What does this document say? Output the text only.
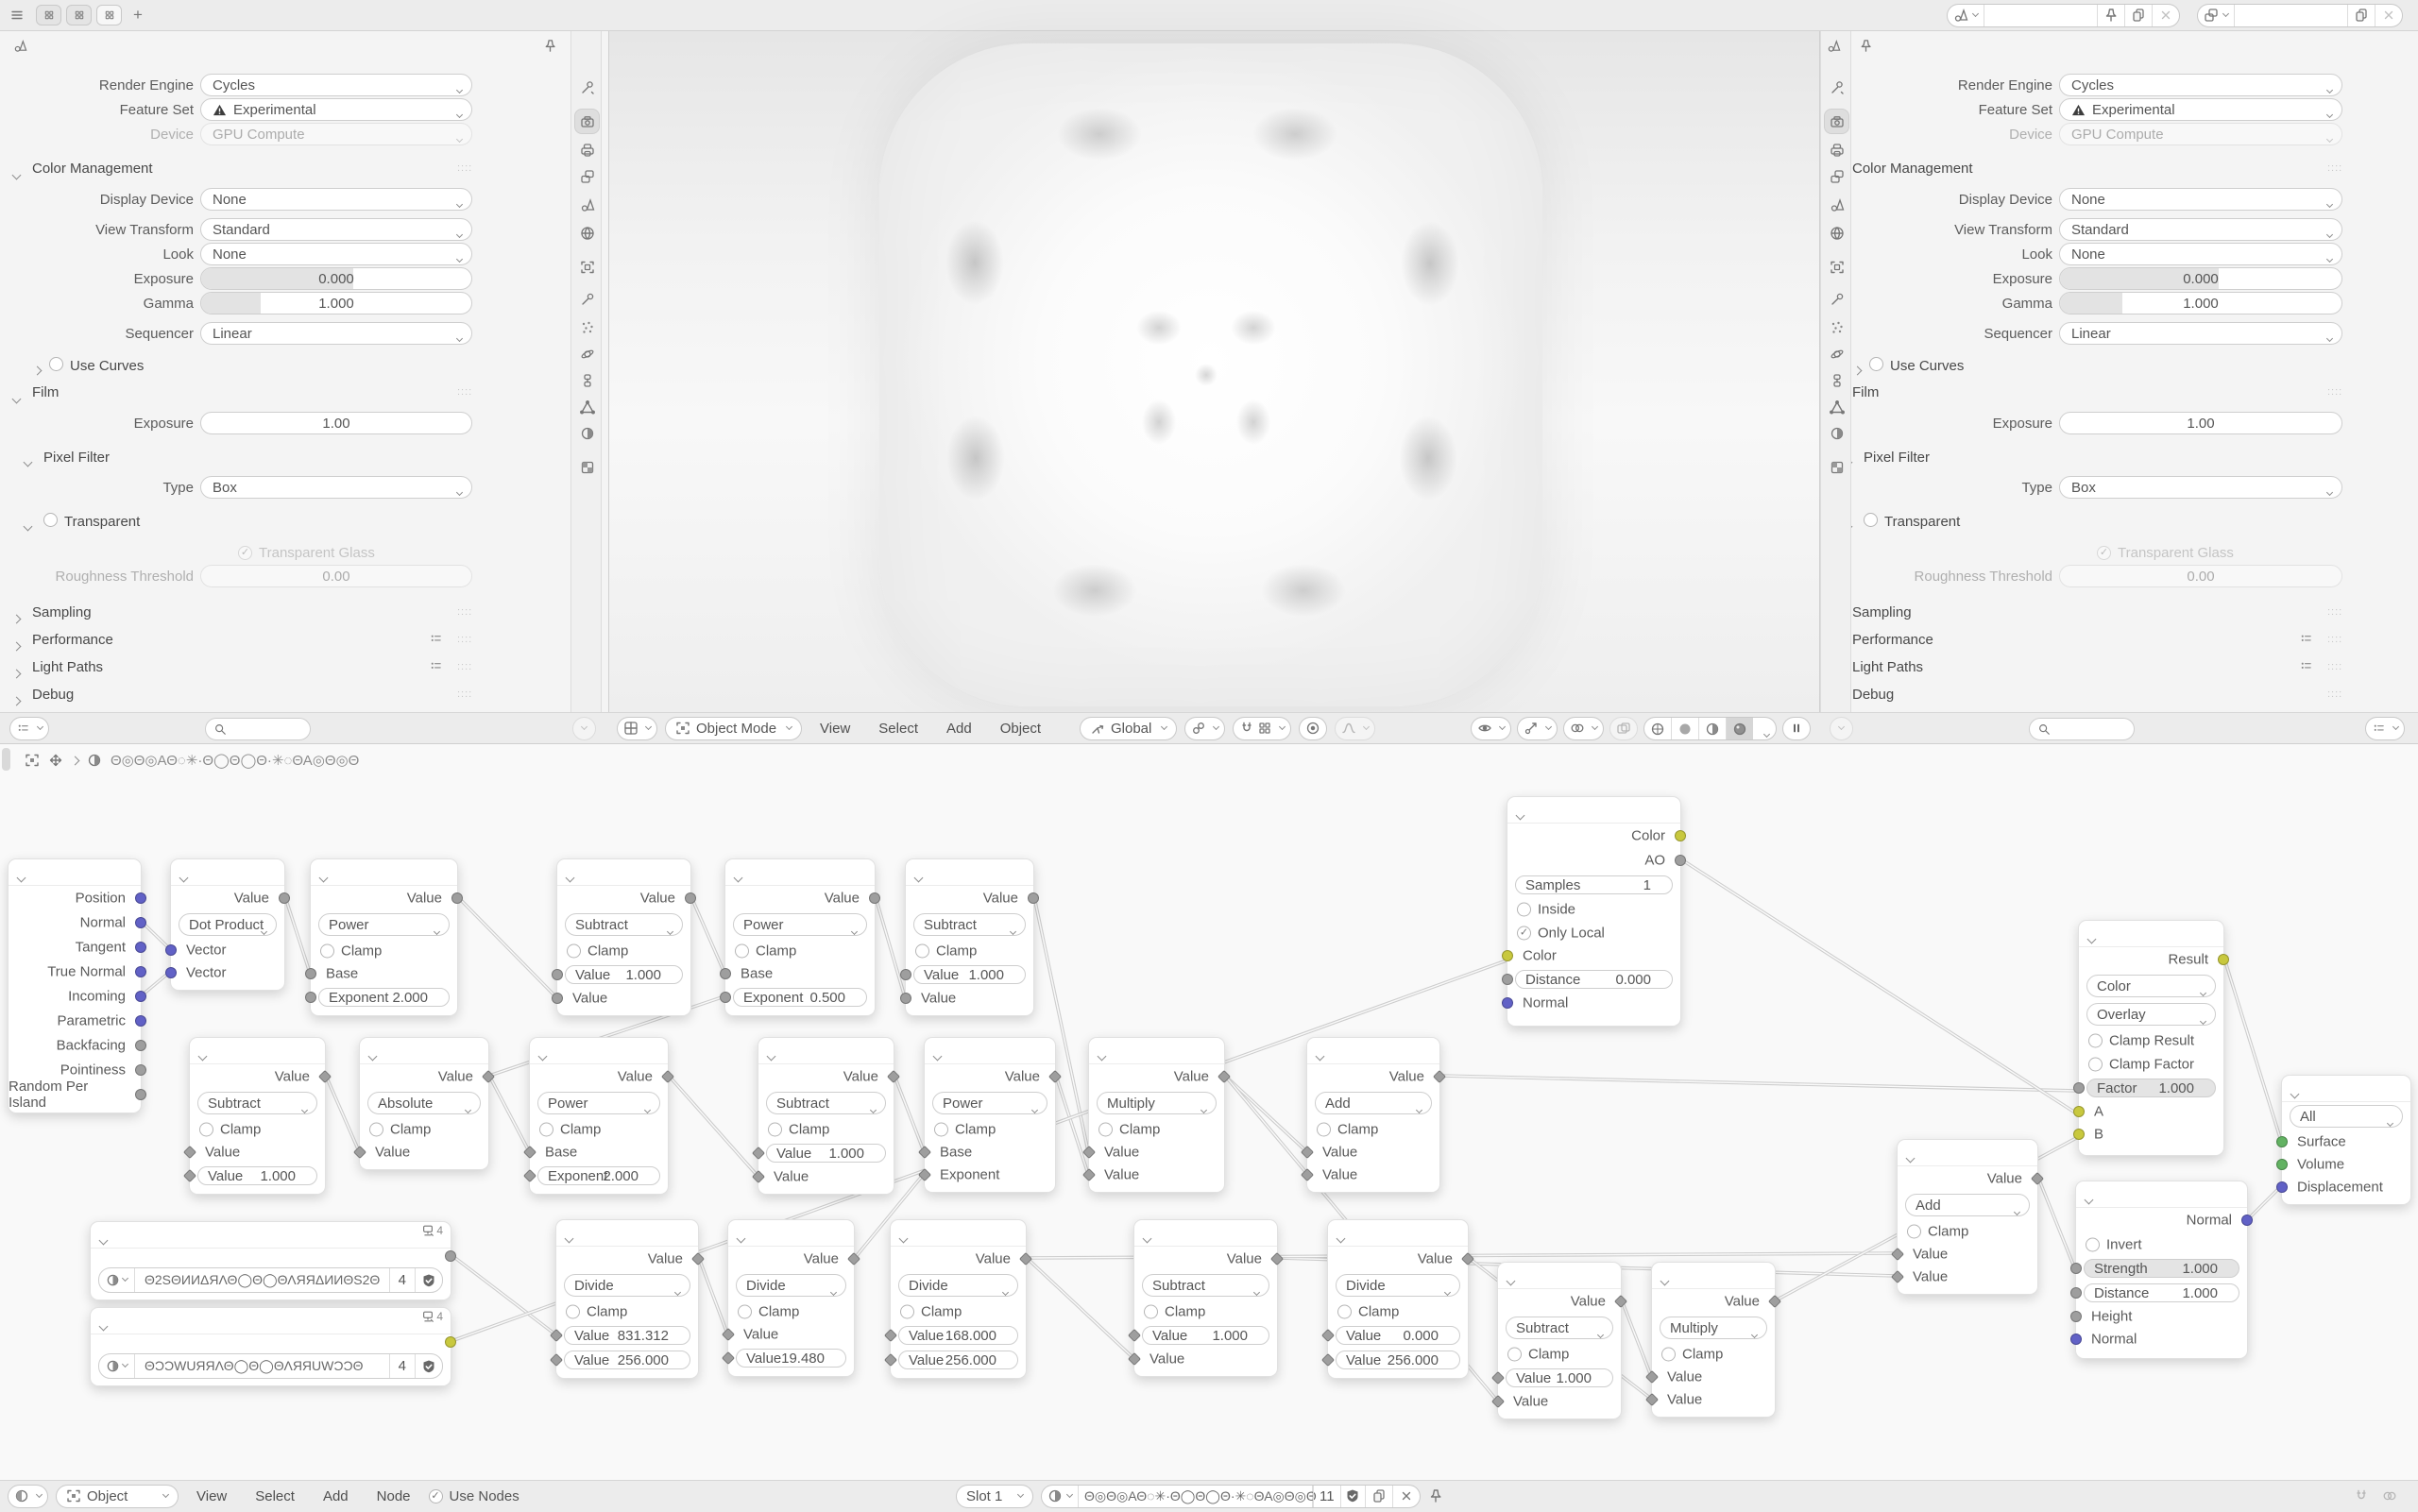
+
Render Engine Cycles
Feature Set	Experimental
Device GPU Compute
Color Management	::::
Display Device None
View Transform Standard
Look None
Exposure	0.000
Gamma	1.000
Sequencer Linear
Use Curves
Film	::::
Exposure	1.00
Pixel Filter
Type Box
Transparent
✓ Transparent Glass
Roughness Threshold	0.00
Sampling	::::
Performance	::::
Light Paths	::::
Debug	::::
Render Engine Cycles
Feature Set	Experimental
Device GPU Compute
Color Management	::::
Display Device None
View Transform Standard
Look None
Exposure	0.000
Gamma	1.000
Sequencer Linear
Use Curves
Film	::::
Exposure	1.00
Pixel Filter
Type Box
Transparent
✓ Transparent Glass
Roughness Threshold	0.00
Sampling	::::
Performance	::::
Light Paths	::::
Debug	::::
Object Mode	View	Select	Add	Object	Global
Θ◎Θ◎ΑΘ◌✳·Θ◯Θ◯Θ·✳◌ΘΑ◎Θ◎Θ
Position
Normal
Tangent
True Normal
Incoming
Parametric
Backfacing
Pointiness
Random Per Island
Value
Dot Product
Vector
Vector
Value
Power
Clamp
Base
Exponent 2.000
Value
Subtract
Clamp
Value 1.000
Value
Value
Power
Clamp
Base
Exponent 0.500
Value
Subtract
Clamp
Value 1.000
Value
Value
Subtract
Clamp
Value
Value 1.000
Value
Absolute
Clamp
Value
Value
Power
Clamp
Base
Exponent
2.000
Value
Subtract
Clamp
Value 1.000
Value
Value
Power
Clamp
Base
Exponent
Value
Multiply
Clamp
Value
Value
Value
Add
Clamp
Value
Value
4
Θ2SΘИИΔЯΛΘ◯Θ◯ΘΛЯЯΔИИΘS2Θ	4
4
ΘƆƆWUЯЯΛΘ◯Θ◯ΘΛЯЯUWƆƆΘ	4
Value
Divide
Clamp
Value 831.312
Value 256.000
Value
Divide
Clamp
Value
Value 19.480
Value
Divide
Clamp
Value 168.000
Value 256.000
Value
Subtract
Clamp
Value 1.000
Value
Value
Divide
Clamp
Value 0.000
Value 256.000
Value
Subtract
Clamp
Value 1.000
Value
Value
Multiply
Clamp
Value
Value
Value
Add
Clamp
Value
Value
Color
AO
Samples	1
Inside
✓ Only Local
Color
Distance 0.000
Normal
Result
Color
Overlay
Clamp Result
Clamp Factor
Factor 1.000
A
B
All
Surface
Volume
Displacement
Normal
Invert
Strength 1.000
Distance 1.000
Height
Normal
Object	View	Select	Add	Node	✓ Use Nodes	Slot 1	Θ◎Θ◎ΑΘ◌✳·Θ◯Θ◯Θ·✳◌ΘΑ◎Θ◎Θ 11
